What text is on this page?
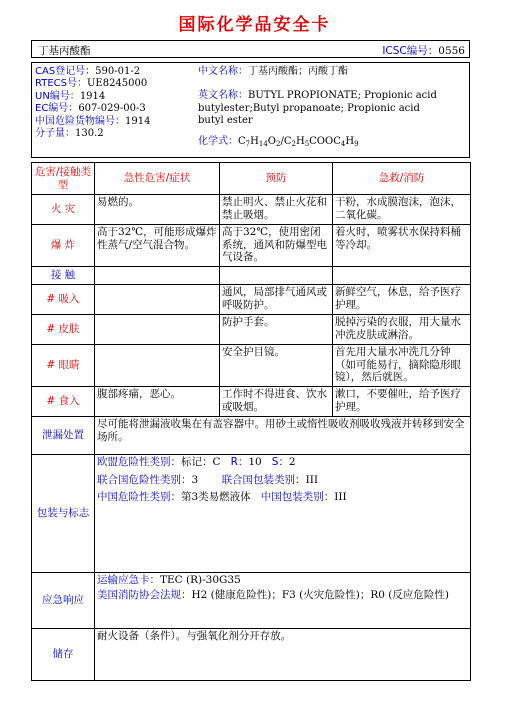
国际化学品安全卡
丁基丙酸酯	ICSC编号：0556
CAS登记号：590-01-2
RTECS号：UE8245000
UN编号：1914
EC编号：607-029-00-3
中国危险货物编号：1914
分子量：130.2
中文名称：丁基丙酸酯；丙酸丁酯
英文名称：BUTYL PROPIONATE; Propionic acid
butylester;Butyl propanoate; Propionic acid
butyl ester
化学式：$C_7H_{14}O_2/C_2H_5COOC_4H_9$
危害/接触类型	急性危害/症状	预防	急救/消防
火 灾	易燃的。	禁止明火、禁止火花和禁止吸烟。	干粉，水成膜泡沫，泡沫，二氧化碳。
爆 炸	高于32℃，可能形成爆炸性蒸气/空气混合物。	高于32℃，使用密闭系统，通风和防爆型电气设备。	着火时，喷雾状水保持料桶等冷却。
接 触			
# 吸入		通风，局部排气通风或呼吸防护。	新鲜空气，休息，给予医疗护理。
# 皮肤		防护手套。	脱掉污染的衣服，用大量水冲洗皮肤或淋浴。
# 眼睛		安全护目镜。	首先用大量水冲洗几分钟（如可能易行，摘除隐形眼镜），然后就医。
# 食入	腹部疼痛，恶心。	工作时不得进食、饮水或吸烟。	漱口，不要催吐，给予医疗护理。
泄漏处置	尽可能将泄漏液收集在有盖容器中。用砂土或惰性吸收剂吸收残液并转移到安全场所。		
包装与标志	欧盟危险性类别：标记：C R：10 S：2

联合国危险性类别：3 联合国包装类别：III

中国危险性类别：第3类易燃液体 中国包装类别：III		

应急响应	运输应急卡：TEC (R)-30G35

美国消防协会法规：H2 (健康危险性)；F3 (火灾危险性)；R0 (反应危险性)		

储存	耐火设备（条件）。与强氧化剂分开存放。		
